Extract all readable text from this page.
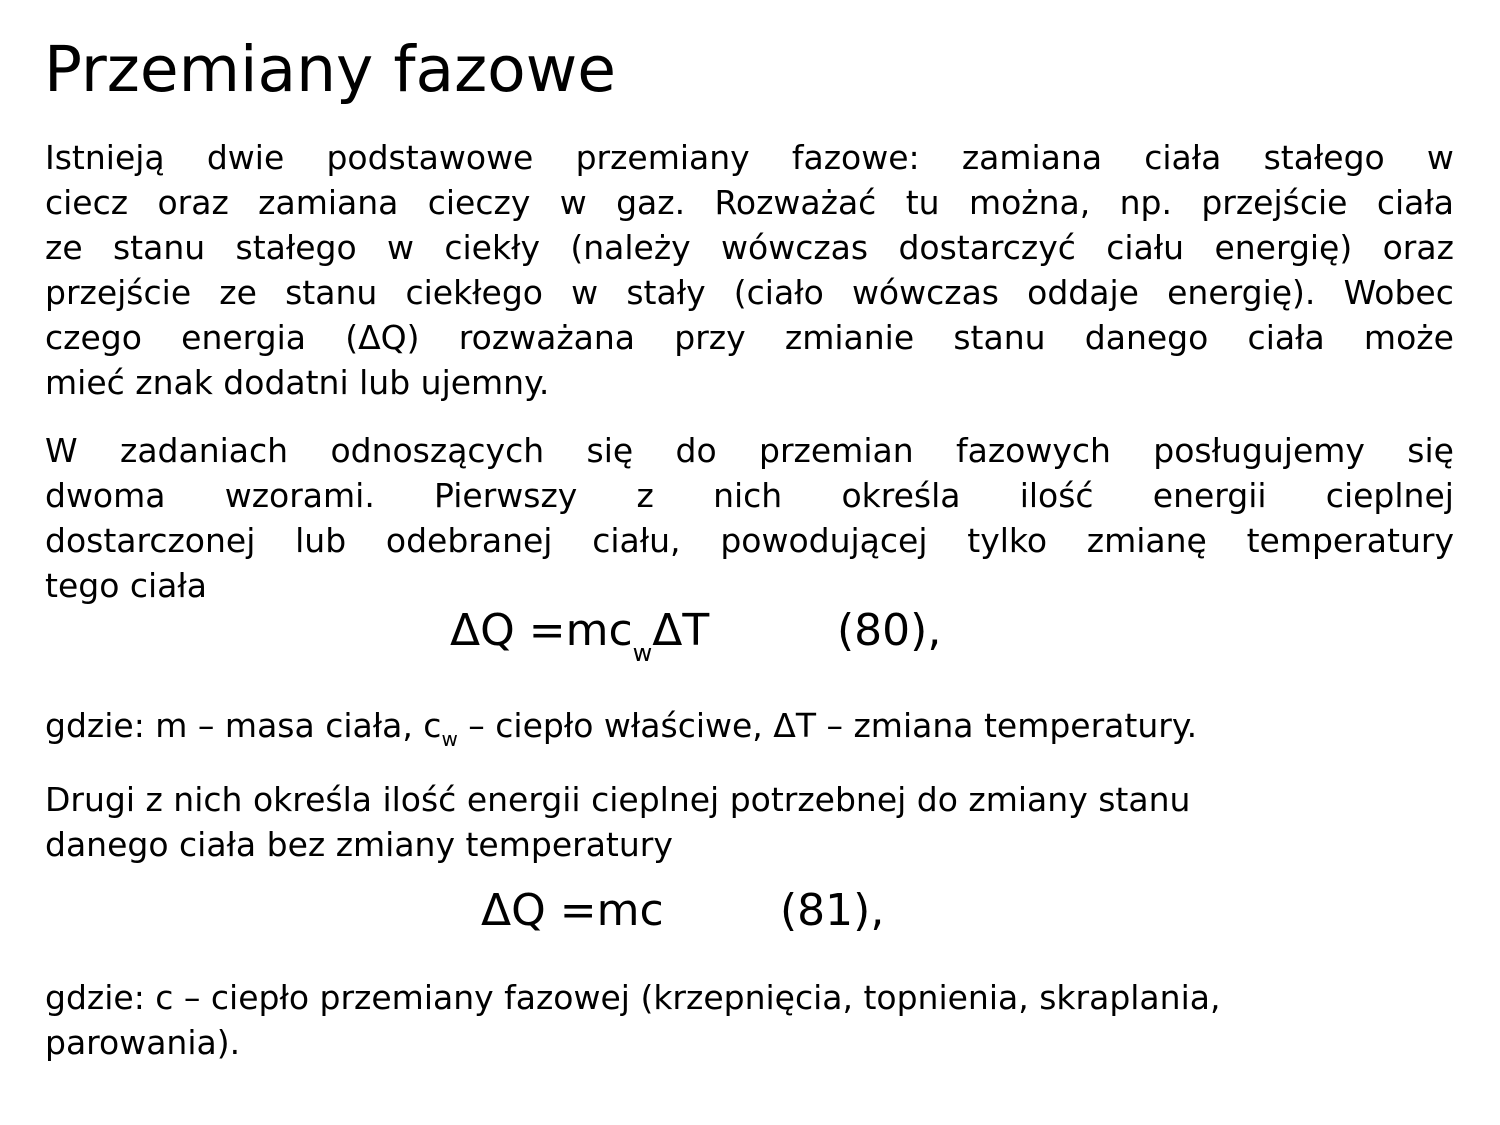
Przemiany fazowe
Istnieją dwie podstawowe przemiany fazowe: zamiana ciała stałego w
ciecz oraz zamiana cieczy w gaz. Rozważać tu można, np. przejście ciała
ze stanu stałego w ciekły (należy wówczas dostarczyć ciału energię) oraz
przejście ze stanu ciekłego w stały (ciało wówczas oddaje energię). Wobec
czego energia (ΔQ) rozważana przy zmianie stanu danego ciała może
mieć znak dodatni lub ujemny.
W zadaniach odnoszących się do przemian fazowych posługujemy się
dwoma wzorami. Pierwszy z nich określa ilość energii cieplnej
dostarczonej lub odebranej ciału, powodującej tylko zmianę temperatury
tego ciała
$\Delta Q =mc_w\Delta T$	(80),
gdzie: m – masa ciała, $c_w$ – ciepło właściwe, ΔT – zmiana temperatury.
Drugi z nich określa ilość energii cieplnej potrzebnej do zmiany stanu
danego ciała bez zmiany temperatury
ΔQ =mc	(81),
gdzie: c – ciepło przemiany fazowej (krzepnięcia, topnienia, skraplania,
parowania).
